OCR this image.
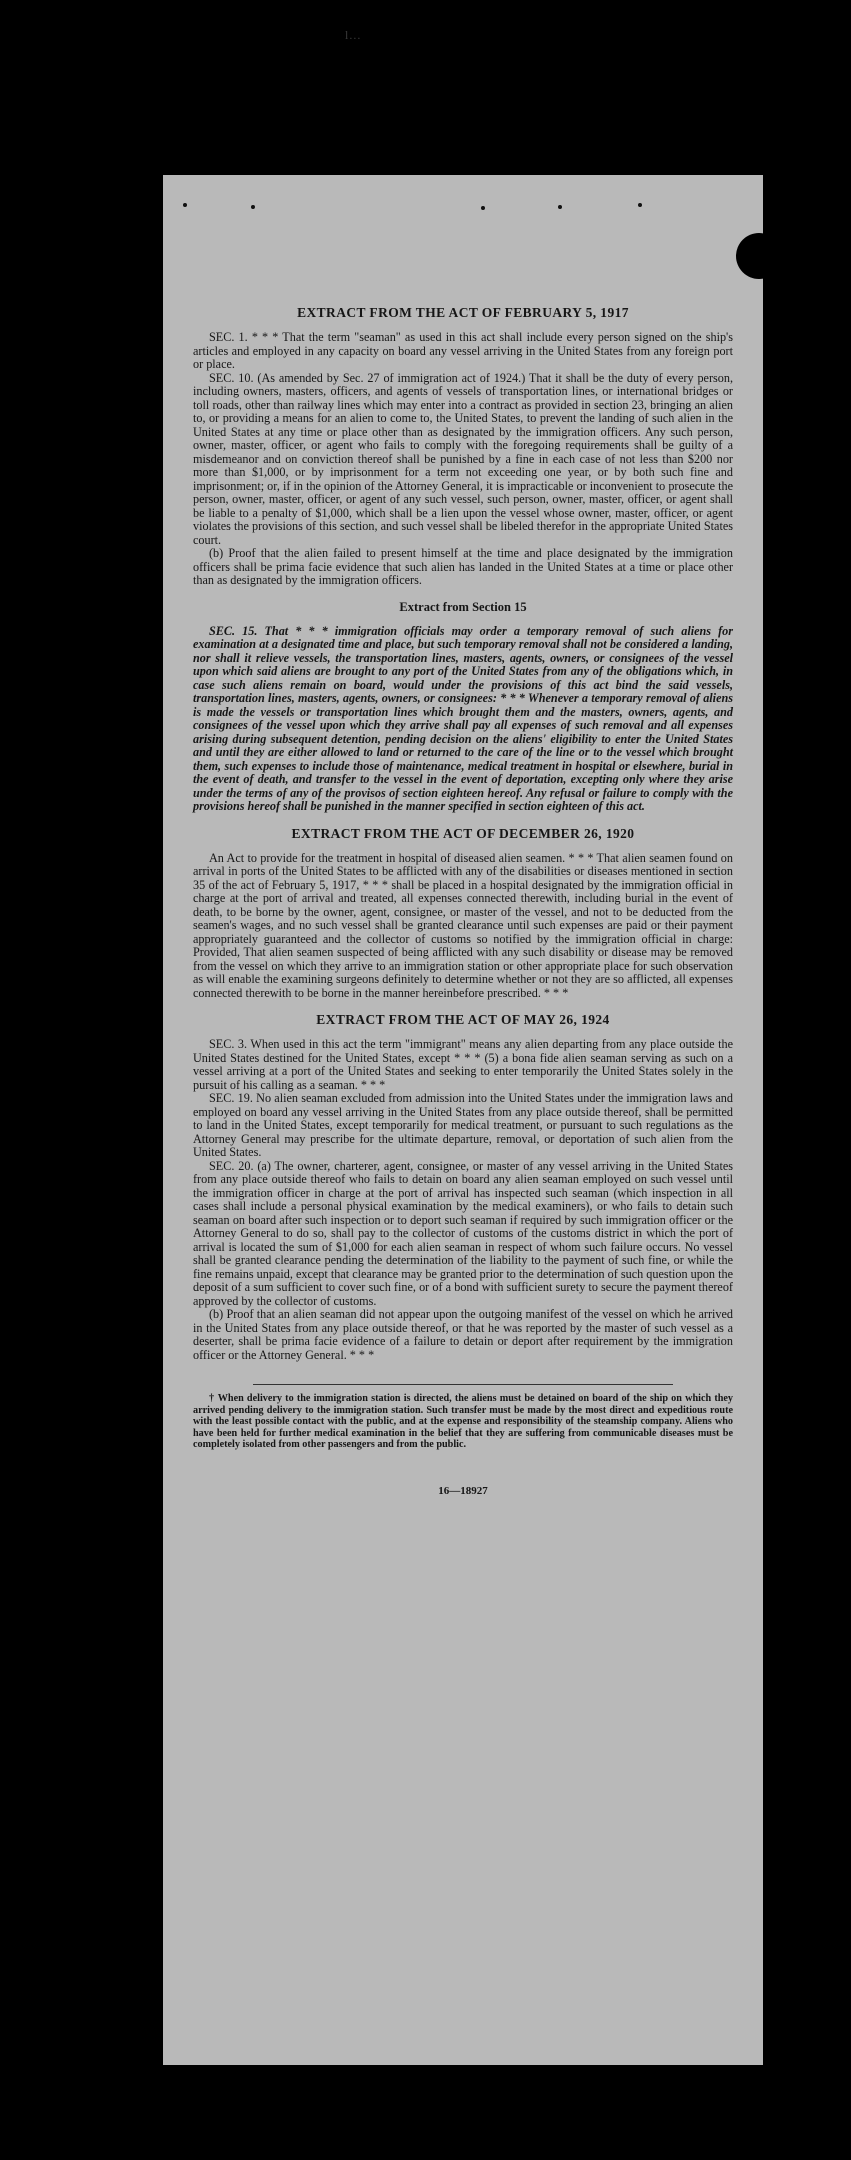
l...
EXTRACT FROM THE ACT OF FEBRUARY 5, 1917

SEC. 1. * * * That the term "seaman" as used in this act shall include every person signed on the ship's articles and employed in any capacity on board any vessel arriving in the United States from any foreign port or place.

SEC. 10. (As amended by Sec. 27 of immigration act of 1924.) That it shall be the duty of every person, including owners, masters, officers, and agents of vessels of transportation lines, or international bridges or toll roads, other than railway lines which may enter into a contract as provided in section 23, bringing an alien to, or providing a means for an alien to come to, the United States, to prevent the landing of such alien in the United States at any time or place other than as designated by the immigration officers. Any such person, owner, master, officer, or agent who fails to comply with the foregoing requirements shall be guilty of a misdemeanor and on conviction thereof shall be punished by a fine in each case of not less than $200 nor more than $1,000, or by imprisonment for a term not exceeding one year, or by both such fine and imprisonment; or, if in the opinion of the Attorney General, it is impracticable or inconvenient to prosecute the person, owner, master, officer, or agent of any such vessel, such person, owner, master, officer, or agent shall be liable to a penalty of $1,000, which shall be a lien upon the vessel whose owner, master, officer, or agent violates the provisions of this section, and such vessel shall be libeled therefor in the appropriate United States court.

(b) Proof that the alien failed to present himself at the time and place designated by the immigration officers shall be prima facie evidence that such alien has landed in the United States at a time or place other than as designated by the immigration officers.

Extract from Section 15

SEC. 15. That * * * immigration officials may order a temporary removal of such aliens for examination at a designated time and place, but such temporary removal shall not be considered a landing, nor shall it relieve vessels, the transportation lines, masters, agents, owners, or consignees of the vessel upon which said aliens are brought to any port of the United States from any of the obligations which, in case such aliens remain on board, would under the provisions of this act bind the said vessels, transportation lines, masters, agents, owners, or consignees: * * * Whenever a temporary removal of aliens is made the vessels or transportation lines which brought them and the masters, owners, agents, and consignees of the vessel upon which they arrive shall pay all expenses of such removal and all expenses arising during subsequent detention, pending decision on the aliens' eligibility to enter the United States and until they are either allowed to land or returned to the care of the line or to the vessel which brought them, such expenses to include those of maintenance, medical treatment in hospital or elsewhere, burial in the event of death, and transfer to the vessel in the event of deportation, excepting only where they arise under the terms of any of the provisos of section eighteen hereof. Any refusal or failure to comply with the provisions hereof shall be punished in the manner specified in section eighteen of this act.

EXTRACT FROM THE ACT OF DECEMBER 26, 1920

An Act to provide for the treatment in hospital of diseased alien seamen. * * * That alien seamen found on arrival in ports of the United States to be afflicted with any of the disabilities or diseases mentioned in section 35 of the act of February 5, 1917, * * * shall be placed in a hospital designated by the immigration official in charge at the port of arrival and treated, all expenses connected therewith, including burial in the event of death, to be borne by the owner, agent, consignee, or master of the vessel, and not to be deducted from the seamen's wages, and no such vessel shall be granted clearance until such expenses are paid or their payment appropriately guaranteed and the collector of customs so notified by the immigration official in charge: Provided, That alien seamen suspected of being afflicted with any such disability or disease may be removed from the vessel on which they arrive to an immigration station or other appropriate place for such observation as will enable the examining surgeons definitely to determine whether or not they are so afflicted, all expenses connected therewith to be borne in the manner hereinbefore prescribed. * * *

EXTRACT FROM THE ACT OF MAY 26, 1924

SEC. 3. When used in this act the term "immigrant" means any alien departing from any place outside the United States destined for the United States, except * * * (5) a bona fide alien seaman serving as such on a vessel arriving at a port of the United States and seeking to enter temporarily the United States solely in the pursuit of his calling as a seaman. * * *

SEC. 19. No alien seaman excluded from admission into the United States under the immigration laws and employed on board any vessel arriving in the United States from any place outside thereof, shall be permitted to land in the United States, except temporarily for medical treatment, or pursuant to such regulations as the Attorney General may prescribe for the ultimate departure, removal, or deportation of such alien from the United States.

SEC. 20. (a) The owner, charterer, agent, consignee, or master of any vessel arriving in the United States from any place outside thereof who fails to detain on board any alien seaman employed on such vessel until the immigration officer in charge at the port of arrival has inspected such seaman (which inspection in all cases shall include a personal physical examination by the medical examiners), or who fails to detain such seaman on board after such inspection or to deport such seaman if required by such immigration officer or the Attorney General to do so, shall pay to the collector of customs of the customs district in which the port of arrival is located the sum of $1,000 for each alien seaman in respect of whom such failure occurs. No vessel shall be granted clearance pending the determination of the liability to the payment of such fine, or while the fine remains unpaid, except that clearance may be granted prior to the determination of such question upon the deposit of a sum sufficient to cover such fine, or of a bond with sufficient surety to secure the payment thereof approved by the collector of customs.

(b) Proof that an alien seaman did not appear upon the outgoing manifest of the vessel on which he arrived in the United States from any place outside thereof, or that he was reported by the master of such vessel as a deserter, shall be prima facie evidence of a failure to detain or deport after requirement by the immigration officer or the Attorney General. * * *

† When delivery to the immigration station is directed, the aliens must be detained on board of the ship on which they arrived pending delivery to the immigration station. Such transfer must be made by the most direct and expeditious route with the least possible contact with the public, and at the expense and responsibility of the steamship company. Aliens who have been held for further medical examination in the belief that they are suffering from communicable diseases must be completely isolated from other passengers and from the public.

16—18927
